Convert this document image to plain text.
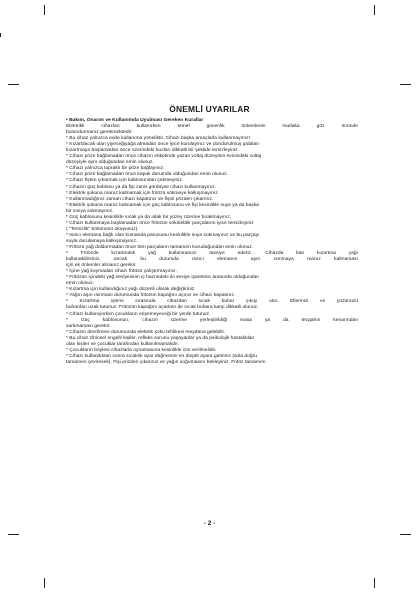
ÖNEMLİ UYARILAR
• Bakım, Onarım ve Kullanımda Uyulması Gereken Kurallar
Elektrikli cihazları kullanırken temel güvenlik önlemlerini mutlaka göz önünde
bulundurmanız gerekmektedir:
* Bu cihaz yalnızca evde kullanıma yöneliktir. Cihazı başka amaçlarla kullanmayınız!
* Kızartılacak olan yiyeceğiyağa atmadan önce iyice kurulayınız ve dondurulmuş gıdaları
kızartmaya başlamadan önce üzerindeki buzları dikkatli bir şekilde temizleyiniz.
* Cihazı prize bağlamadan önce cihazın etiketinde yazan voltaj düzeyinin evinizdeki voltaj
düzeyiyle aynı olduğundan emin olunuz.
* Cihazı yalnızca topraklı bir prize bağlayınız.
* Cihazı prize bağlamadan önce kapalı durumda olduğundan emin olunuz.
* Cihazı fişten çıkarmak için kablosundan çekmeyiniz.
* Cihazın güç kablosu ya da fişi zarar gördüyse cihazı kullanmayınız.
* Elektrik şokuna maruz kalmamak için fritözü sökmeye kalkışmayınız.
* Kullanmadığınız zaman cihazı kapatınız ve fişini prizden çıkarınız.
* Elektrik şokuna maruz kalmamak için güç kablosunu ve fişi kesinlikle suya ya da başka
bir sıvıya sokmayınız.
* Güç kablosunu kesinlikle sıcak ya da ıslak bir yüzey üzerine bırakmayınız.
* Cihazı kullanmaya başlamadan önce fritözün sökülebilir parçalarını iyice temizleyiniz
( "Temizlik" bölümünü okuyunuz).
* Isıtıcı elemana bağlı olan kumanda panosunu kesinlikle suya sokmayınız ve bu parçayı
suyla durulamaya kalkışmayınız.
* Fritözü yağ doldurmadan önce tüm parçaların tamamen kuruduğundan emin olunuz.
* Fritözde kızartmalık yağ kullanmanızı tavsiye ederiz. Cihazda katı kızartma yağı
kullanabilirsiniz, ancak bu durumda ısıtıcı elemanın aşırı ısınmaya maruz kalmaması
için ek önlemler almanız gerekir.
* İçine yağ koymadan cihazı fritözü çalıştırmayınız.
* Fritözün içindeki yağ seviyesinin iç haznedeki iki seviye işaretinin arasında olduğundan
emin olunuz.
* Kızartma için kullandığınız yağı düzenli olarak değiştiriniz.
* Yağın aşırı ısınması durumunda fritözün kapağını açınız ve cihazı kapatınız.
* Kızartma işlemi sırasında cihazdan sıcak buhar çıkışı olur. Ellerinizi ve yüzünüzü
buhardan uzak tutunuz. Fritözün kapağını açarken de sıcak buhara karşı dikkatli olunuz.
* Cihazı kullanıyorken çocukların erişemeyeceği bir yerde tutunuz.
* Güç kablosunun, cihazın üzerine yerleştirildiği masa ya da tezgahın kenarından
sarkmaması gerekir.
* Cihazın devrilmesi durumunda elektrik şoku tehlikesi meydana gelebilir.
* Bu cihaz zihinsel engelli kişiler, refleks sorunu yaşayanlar ya da psikolojik hastalıkları
olan kişiler ve çocuklar tarafından kullanılmamalıdır.
* Çocukların böylesi cihazlarla oynamasına kesinlikle izin verilmelidir.
* Cihazı kullandıktan sonra sıcaklık ayar düğmesini en düşük ayara getiriniz (sola doğru
tamamen çeviresek). Fişi prizden çıkarınız ve yağın soğumasını bekleyiniz. Fritöz tamamen
- 2 -
